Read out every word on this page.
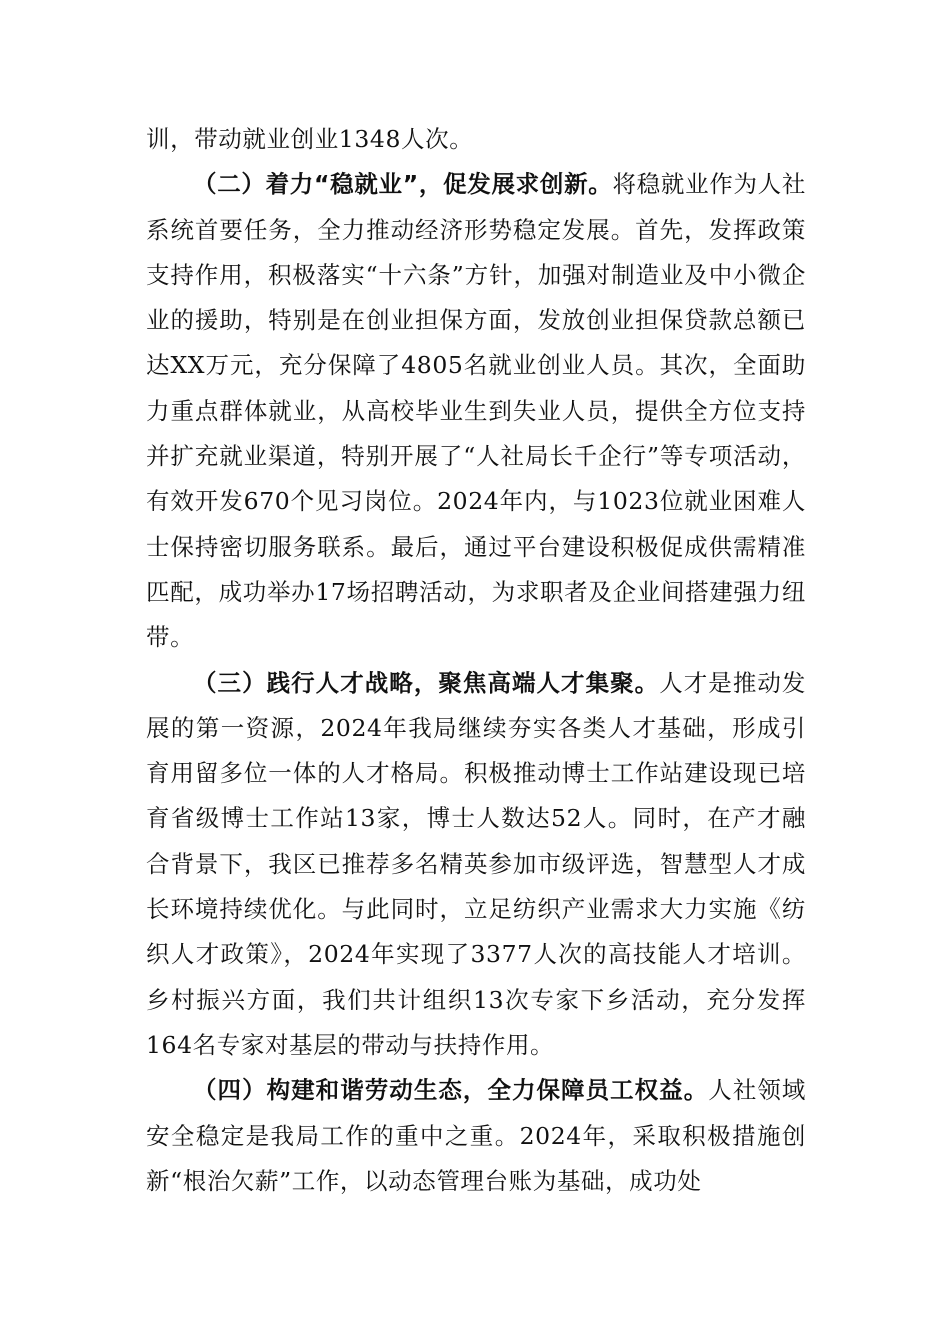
训，带动就业创业1348人次。

（二）着力“稳就业”，促发展求创新。将稳就业作为人社系统首要任务，全力推动经济形势稳定发展。首先，发挥政策支持作用，积极落实“十六条”方针，加强对制造业及中小微企业的援助，特别是在创业担保方面，发放创业担保贷款总额已达XX万元，充分保障了4805名就业创业人员。其次，全面助力重点群体就业，从高校毕业生到失业人员，提供全方位支持并扩充就业渠道，特别开展了“人社局长千企行”等专项活动，有效开发670个见习岗位。2024年内，与1023位就业困难人士保持密切服务联系。最后，通过平台建设积极促成供需精准匹配，成功举办17场招聘活动，为求职者及企业间搭建强力纽带。

（三）践行人才战略，聚焦高端人才集聚。人才是推动发展的第一资源，2024年我局继续夯实各类人才基础，形成引育用留多位一体的人才格局。积极推动博士工作站建设现已培育省级博士工作站13家，博士人数达52人。同时，在产才融合背景下，我区已推荐多名精英参加市级评选，智慧型人才成长环境持续优化。与此同时，立足纺织产业需求大力实施《纺织人才政策》，2024年实现了3377人次的高技能人才培训。乡村振兴方面，我们共计组织13次专家下乡活动，充分发挥164名专家对基层的带动与扶持作用。

（四）构建和谐劳动生态，全力保障员工权益。人社领域安全稳定是我局工作的重中之重。2024年，采取积极措施创新“根治欠薪”工作，以动态管理台账为基础，成功处
